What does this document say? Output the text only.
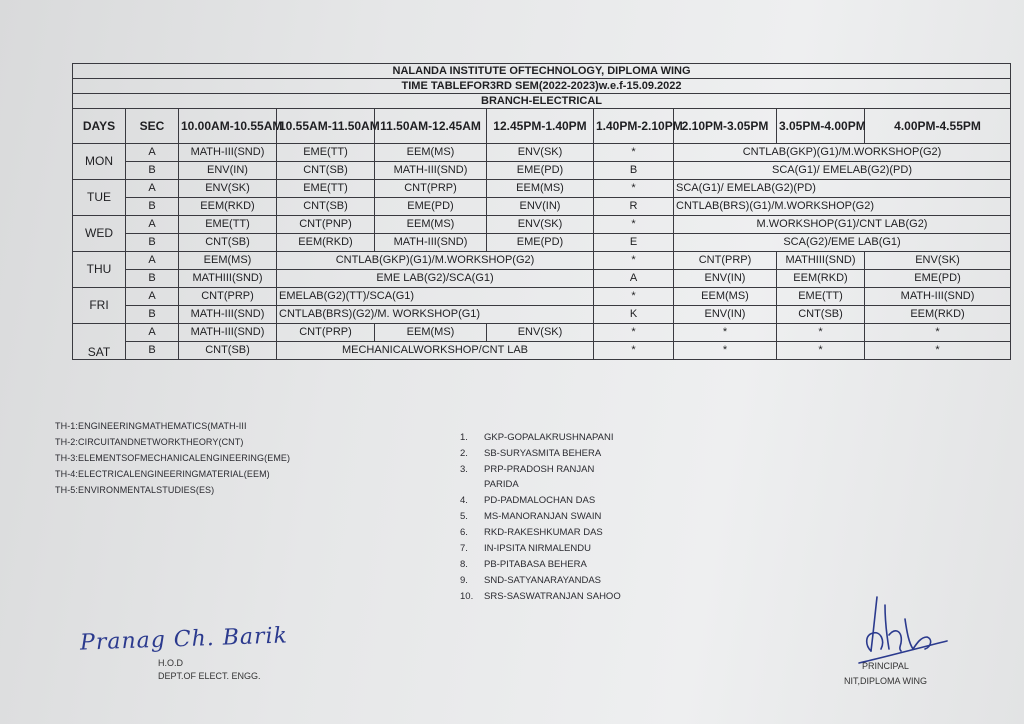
NALANDA INSTITUTE OFTECHNOLOGY, DIPLOMA WING									
TIME TABLEFOR3RD SEM(2022-2023)w.e.f-15.09.2022									
BRANCH-ELECTRICAL									
DAYS	SEC	10.00AM-10.55AM	10.55AM-11.50AM	11.50AM-12.45AM	12.45PM-1.40PM	1.40PM-2.10PM	2.10PM-3.05PM	3.05PM-4.00PM	4.00PM-4.55PM
MON	A	MATH-III(SND)	EME(TT)	EEM(MS)	ENV(SK)	*	CNTLAB(GKP)(G1)/M.WORKSHOP(G2)		
	B	ENV(IN)	CNT(SB)	MATH-III(SND)	EME(PD)	B	SCA(G1)/ EMELAB(G2)(PD)		
TUE	A	ENV(SK)	EME(TT)	CNT(PRP)	EEM(MS)	*	SCA(G1)/ EMELAB(G2)(PD)		
	B	EEM(RKD)	CNT(SB)	EME(PD)	ENV(IN)	R	CNTLAB(BRS)(G1)/M.WORKSHOP(G2)		
WED	A	EME(TT)	CNT(PNP)	EEM(MS)	ENV(SK)	*	M.WORKSHOP(G1)/CNT LAB(G2)		
	B	CNT(SB)	EEM(RKD)	MATH-III(SND)	EME(PD)	E	SCA(G2)/EME LAB(G1)		
THU	A	EEM(MS)	CNTLAB(GKP)(G1)/M.WORKSHOP(G2)			*	CNT(PRP)	MATHIII(SND)	ENV(SK)
	B	MATHIII(SND)	EME LAB(G2)/SCA(G1)			A	ENV(IN)	EEM(RKD)	EME(PD)
FRI	A	CNT(PRP)	EMELAB(G2)(TT)/SCA(G1)			*	EEM(MS)	EME(TT)	MATH-III(SND)
	B	MATH-III(SND)	CNTLAB(BRS)(G2)/M. WORKSHOP(G1)			K	ENV(IN)	CNT(SB)	EEM(RKD)
SAT	A	MATH-III(SND)	CNT(PRP)	EEM(MS)	ENV(SK)	*	*	*	*
	B	CNT(SB)	MECHANICALWORKSHOP/CNT LAB			*	*	*	*
TH-1:ENGINEERINGMATHEMATICS(MATH-III
TH-2:CIRCUITANDNETWORKTHEORY(CNT)
TH-3:ELEMENTSOFMECHANICALENGINEERING(EME)
TH-4:ELECTRICALENGINEERINGMATERIAL(EEM)
TH-5:ENVIRONMENTALSTUDIES(ES)
1.	GKP-GOPALAKRUSHNAPANI
2.	SB-SURYASMITA BEHERA
3.	PRP-PRADOSH RANJAN PARIDA
4.	PD-PADMALOCHAN DAS
5.	MS-MANORANJAN SWAIN
6.	RKD-RAKESHKUMAR DAS
7.	IN-IPSITA NIRMALENDU
8.	PB-PITABASA BEHERA
9.	SND-SATYANARAYANDAS
10.	SRS-SASWATRANJAN SAHOO
Pranag Ch. Barik
H.O.D
DEPT.OF ELECT. ENGG.
PRINCIPAL
NIT,DIPLOMA WING
